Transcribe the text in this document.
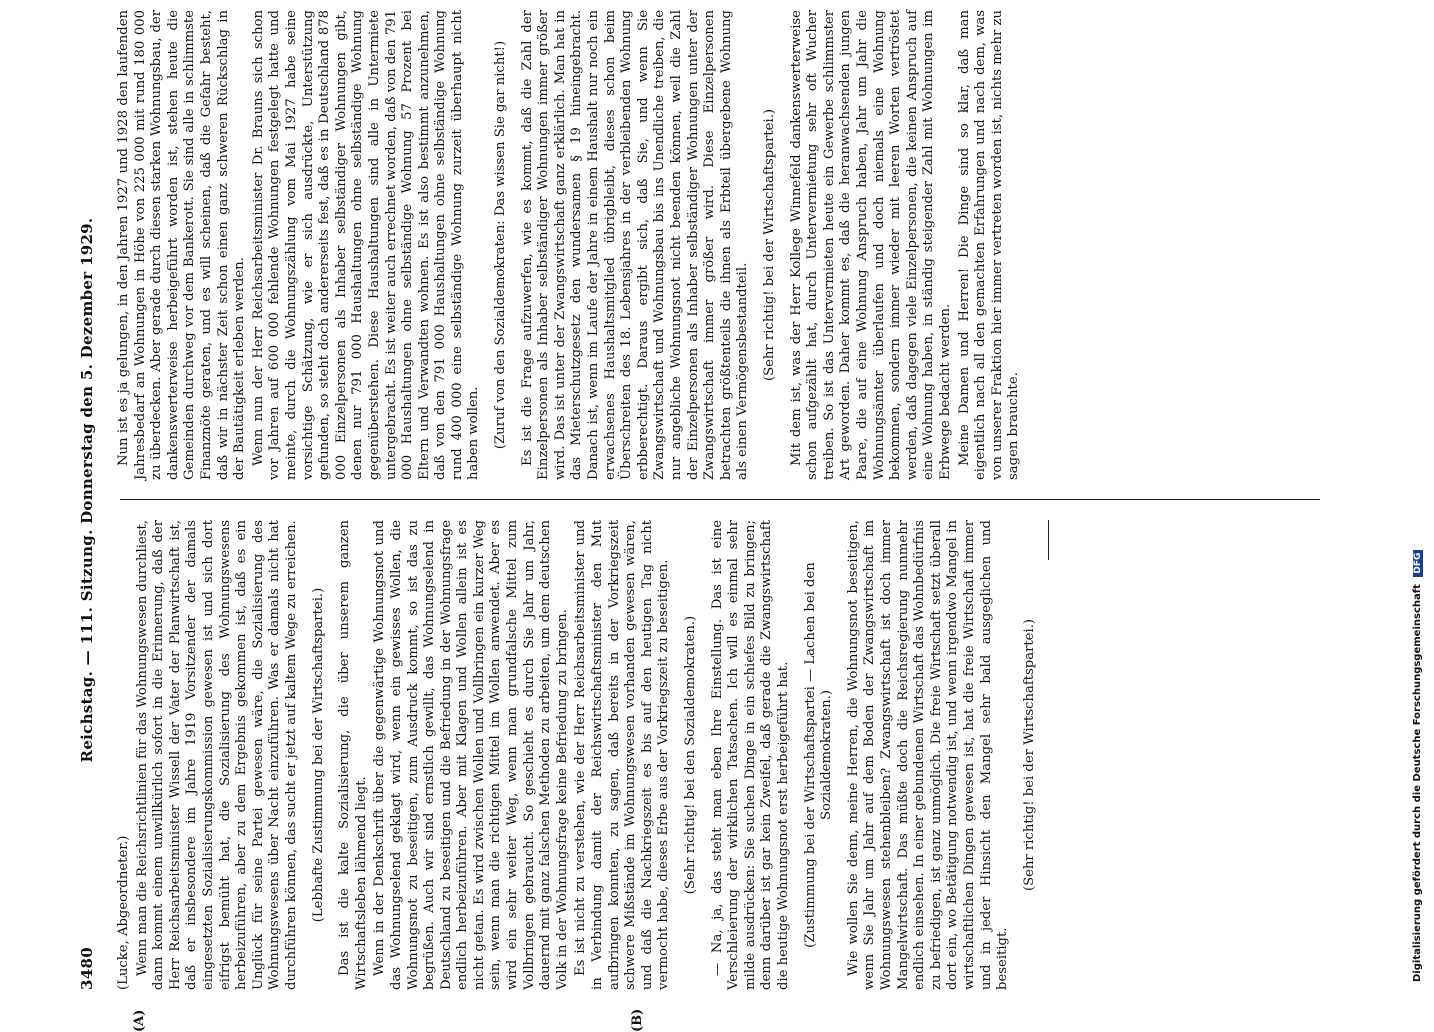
3480
Reichstag. — 111. Sitzung. Donnerstag den 5. Dezember 1929.
(A)	(B)

(Lucke, Abgeordneter.) Wenn man die Reichsrichtlinien für das Wohnungswesen durchliest, dann kommt einem unwillkürlich sofort in die Erinnerung, daß der Herr Reichsarbeitsminister Wissell der Vater der Planwirtschaft ist, daß er insbesondere im Jahre 1919 Vorsitzender der damals eingesetzten Sozialisierungskommission gewesen ist und sich dort eifrigst bemüht hat, die Sozialisierung des Wohnungswesens herbeizuführen, aber zu dem Ergebnis gekommen ist, daß es ein Unglück für seine Partei gewesen wäre, die Sozialisierung des Wohnungswesens über Nacht einzuführen. Was er damals nicht hat durchführen können, das sucht er jetzt auf kaltem Wege zu erreichen. (Lebhafte Zustimmung bei der Wirtschaftspartei.) Das ist die kalte Sozialisierung, die über unserem ganzen Wirtschaftsleben lähmend liegt. Wenn in der Denkschrift über die gegenwärtige Wohnungsnot und das Wohnungselend geklagt wird, wenn ein gewisses Wollen, die Wohnungsnot zu beseitigen, zum Ausdruck kommt, so ist das zu begrüßen. Auch wir sind ernstlich gewillt, das Wohnungselend in Deutschland zu beseitigen und die Befriedung in der Wohnungsfrage endlich herbeizuführen. Aber mit Klagen und Wollen allein ist es nicht getan. Es wird zwischen Wollen und Vollbringen ein kurzer Weg sein, wenn man die richtigen Mittel im Wollen anwendet. Aber es wird ein sehr weiter Weg, wenn man grundfalsche Mittel zum Vollbringen gebraucht. So geschieht es durch Sie Jahr um Jahr, dauernd mit ganz falschen Methoden zu arbeiten, um dem deutschen Volk in der Wohnungsfrage keine Befriedung zu bringen. Es ist nicht zu verstehen, wie der Herr Reichsarbeitsminister und in Verbindung damit der Reichswirtschaftsminister den Mut aufbringen konnten, zu sagen, daß bereits in der Vorkriegszeit schwere Mißstände im Wohnungswesen vorhanden gewesen wären, und daß die Nachkriegszeit es bis auf den heutigen Tag nicht vermocht habe, dieses Erbe aus der Vorkriegszeit zu beseitigen. (Sehr richtig! bei den Sozialdemokraten.) — Na, ja, das steht man eben Ihre Einstellung. Das ist eine Verschleierung der wirklichen Tatsachen. Ich will es einmal sehr milde ausdrücken: Sie suchen Dinge in ein schiefes Bild zu bringen; denn darüber ist gar kein Zweifel, daß gerade die Zwangswirtschaft die heutige Wohnungsnot erst herbeigeführt hat. (Zustimmung bei der Wirtschaftspartei — Lachen bei den Sozialdemokraten.) Wie wollen Sie denn, meine Herren, die Wohnungsnot beseitigen, wenn Sie Jahr um Jahr auf dem Boden der Zwangswirtschaft im Wohnungswesen stehenbleiben? Zwangswirtschaft ist doch immer Mangelwirtschaft. Das müßte doch die Reichsregierung nunmehr endlich einsehen. In einer gebundenen Wirtschaft das Wohnbedürfnis zu befriedigen, ist ganz unmöglich. Die freie Wirtschaft setzt überall dort ein, wo Betätigung notwendig ist, und wenn irgendwo Mangel in wirtschaftlichen Dingen gewesen ist, hat die freie Wirtschaft immer und in jeder Hinsicht den Mangel sehr bald ausgeglichen und beseitigt.

(Sehr richtig! bei der Wirtschaftspartei.)

Nun ist es ja gelungen, in den Jahren 1927 und 1928 den laufenden Jahresbedarf an Wohnungen in Höhe von 225 000 mit rund 180 000 zu überdecken. Aber gerade durch diesen starken Wohnungsbau, der dankenswerterweise herbeigeführt worden ist, stehen heute die Gemeinden durchweg vor dem Bankerott. Sie sind alle in schlimmste Finanznöte geraten, und es will scheinen, daß die Gefahr besteht, daß wir in nächster Zeit schon einen ganz schweren Rückschlag in der Bautätigkeit erleben werden. Wenn nun der Herr Reichsarbeitsminister Dr. Brauns sich schon vor Jahren auf 600 000 fehlende Wohnungen festgelegt hatte und meinte, durch die Wohnungszählung vom Mai 1927 habe seine vorsichtige Schätzung, wie er sich ausdrückte, Unterstützung gefunden, so steht doch andererseits fest, daß es in Deutschland 878 000 Einzelpersonen als Inhaber selbständiger Wohnungen gibt, denen nur 791 000 Haushaltungen ohne selbständige Wohnung gegenüberstehen. Diese Haushaltungen sind alle in Untermiete untergebracht. Es ist weiter auch errechnet worden, daß von den 791 000 Haushaltungen ohne selbständige Wohnung 57 Prozent bei Eltern und Verwandten wohnen. Es ist also bestimmt anzunehmen, daß von den 791 000 Haushaltungen ohne selbständige Wohnung rund 400 000 eine selbständige Wohnung zurzeit überhaupt nicht haben wollen. (Zuruf von den Sozialdemokraten: Das wissen Sie gar nicht!) Es ist die Frage aufzuwerfen, wie es kommt, daß die Zahl der Einzelpersonen als Inhaber selbständiger Wohnungen immer größer wird. Das ist unter der Zwangswirtschaft ganz erklärlich. Man hat in das Mieterschutzgesetz den wundersamen § 19 hineingebracht. Danach ist, wenn im Laufe der Jahre in einem Haushalt nur noch ein erwachsenes Haushaltsmitglied übrigbleibt, dieses schon beim Überschreiten des 18. Lebensjahres in der verbleibenden Wohnung erbberechtigt. Daraus ergibt sich, daß Sie, und wenn Sie Zwangswirtschaft und Wohnungsbau bis ins Unendliche treiben, die nur angebliche Wohnungsnot nicht beenden können, weil die Zahl der Einzelpersonen als Inhaber selbständiger Wohnungen unter der Zwangswirtschaft immer größer wird. Diese Einzelpersonen betrachten größtenteils die ihnen als Erbteil übergebene Wohnung als einen Vermögensbestandteil. (Sehr richtig! bei der Wirtschaftspartei.) Mit dem ist, was der Herr Kollege Winnefeld dankenswerterweise schon aufgezählt hat, durch Untervermietung sehr oft Wucher treiben. So ist das Untervermieten heute ein Gewerbe schlimmster Art geworden. Daher kommt es, daß die heranwachsenden jungen Paare, die auf eine Wohnung Anspruch haben, Jahr um Jahr die Wohnungsämter überlaufen und doch niemals eine Wohnung bekommen, sondern immer wieder mit leeren Worten vertröstet werden, daß dagegen viele Einzelpersonen, die keinen Anspruch auf eine Wohnung haben, in ständig steigender Zahl mit Wohnungen im Erbwege bedacht werden. Meine Damen und Herren! Die Dinge sind so klar, daß man eigentlich nach all den gemachten Erfahrungen und nach dem, was von unserer Fraktion hier immer vertreten worden ist, nichts mehr zu sagen brauchte.

Digitalisierung gefördert durch die Deutsche Forschungsgemeinschaft DFG
